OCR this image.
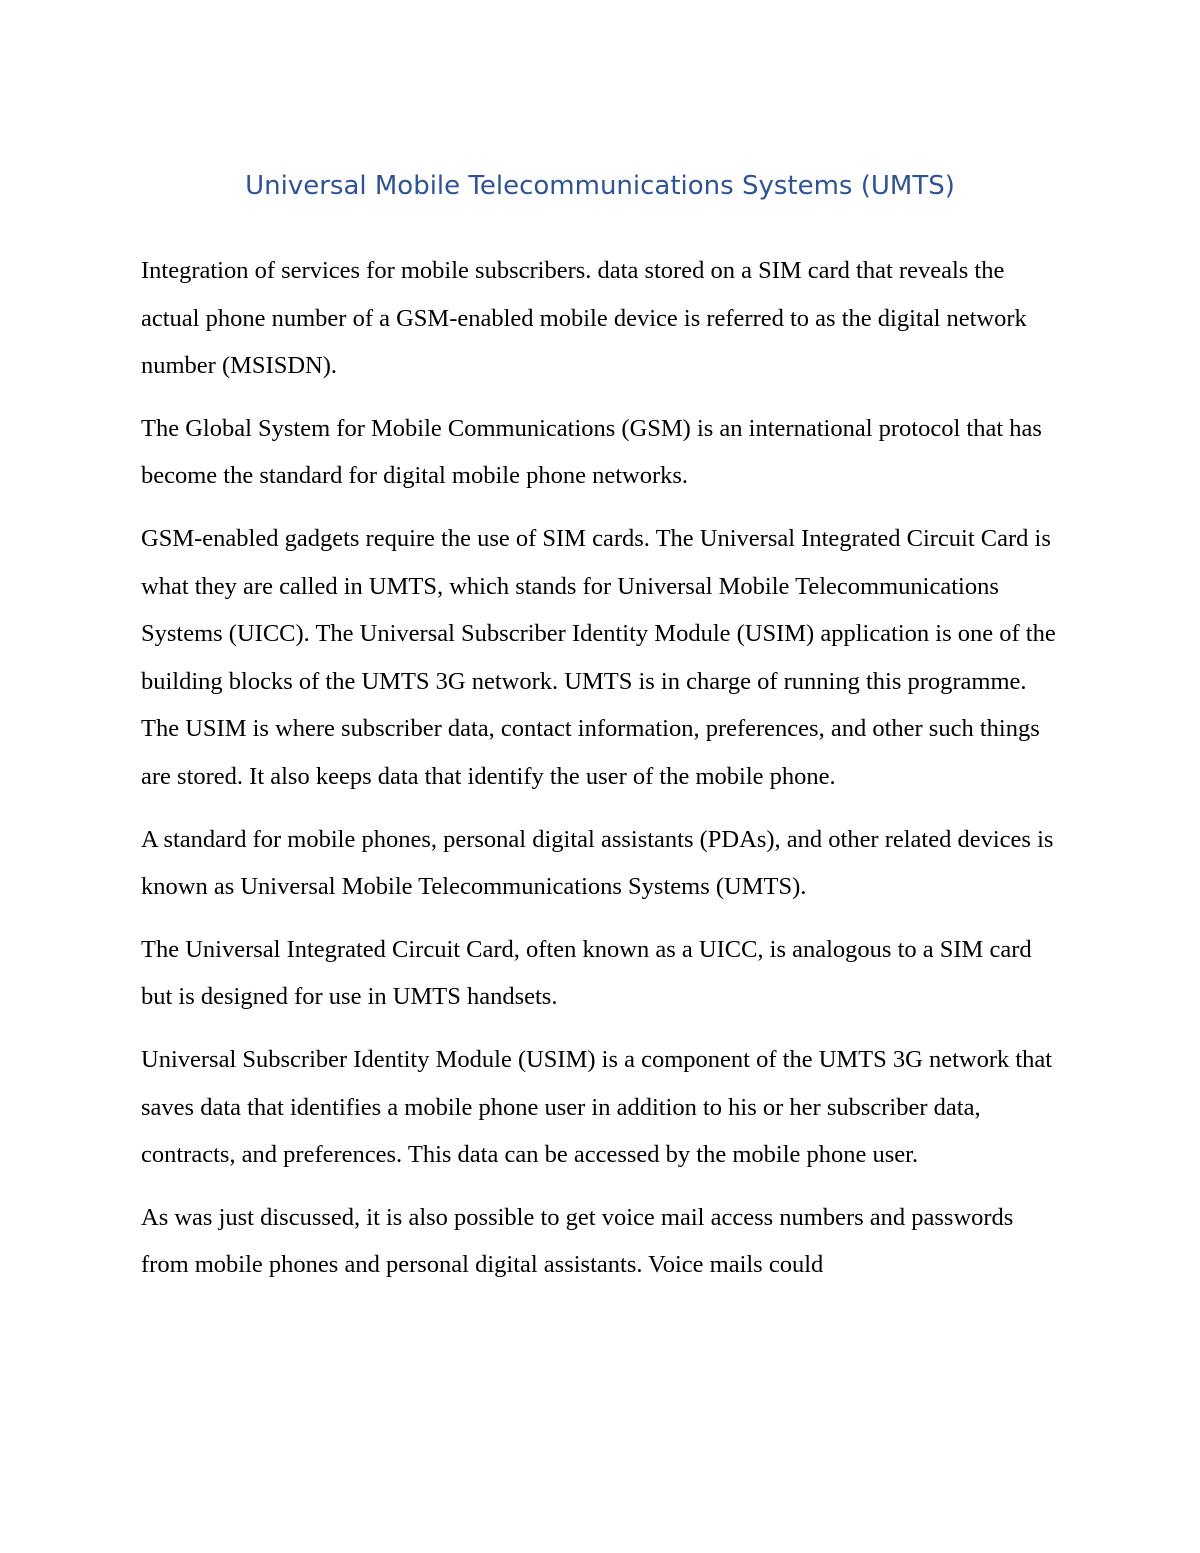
Universal Mobile Telecommunications Systems (UMTS)

Integration of services for mobile subscribers. data stored on a SIM card that reveals the actual phone number of a GSM-enabled mobile device is referred to as the digital network number (MSISDN).

The Global System for Mobile Communications (GSM) is an international protocol that has become the standard for digital mobile phone networks.

GSM-enabled gadgets require the use of SIM cards. The Universal Integrated Circuit Card is what they are called in UMTS, which stands for Universal Mobile Telecommunications Systems (UICC). The Universal Subscriber Identity Module (USIM) application is one of the building blocks of the UMTS 3G network. UMTS is in charge of running this programme. The USIM is where subscriber data, contact information, preferences, and other such things are stored. It also keeps data that identify the user of the mobile phone.

A standard for mobile phones, personal digital assistants (PDAs), and other related devices is known as Universal Mobile Telecommunications Systems (UMTS).

The Universal Integrated Circuit Card, often known as a UICC, is analogous to a SIM card but is designed for use in UMTS handsets.

Universal Subscriber Identity Module (USIM) is a component of the UMTS 3G network that saves data that identifies a mobile phone user in addition to his or her subscriber data, contracts, and preferences. This data can be accessed by the mobile phone user.

As was just discussed, it is also possible to get voice mail access numbers and passwords from mobile phones and personal digital assistants. Voice mails could
